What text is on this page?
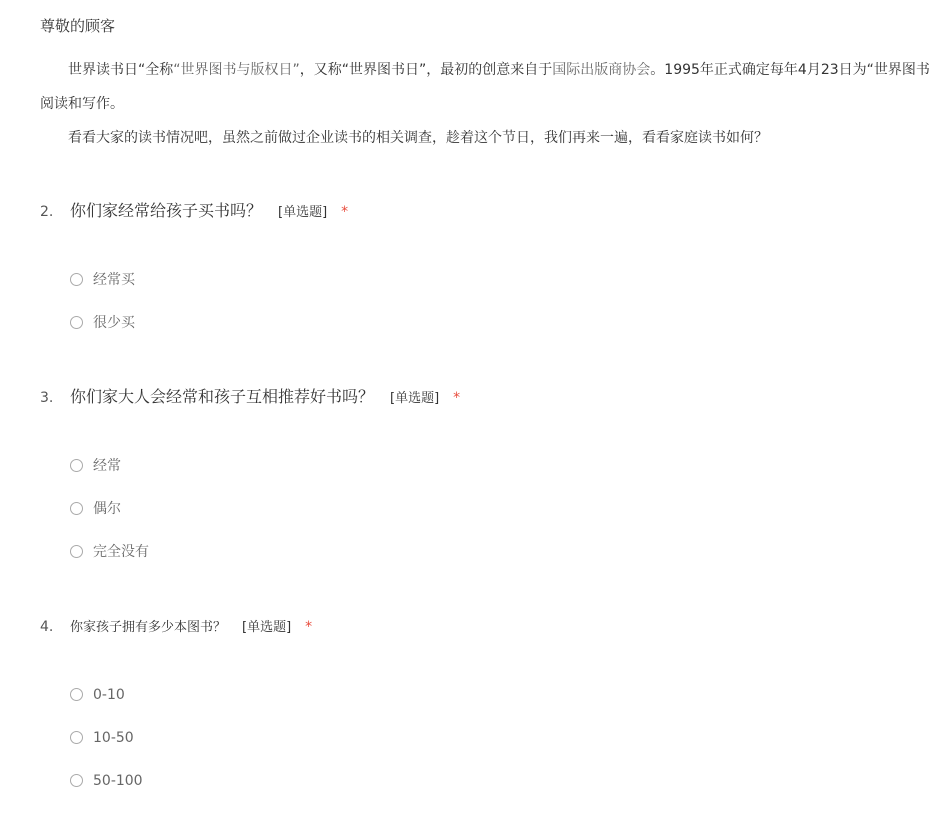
尊敬的顾客

世界读书日“全称“世界图书与版权日”，又称“世界图书日”，最初的创意来自于国际出版商协会。1995年正式确定每年4月23日为“世界图书
阅读和写作。

看看大家的读书情况吧，虽然之前做过企业读书的相关调查，趁着这个节日，我们再来一遍，看看家庭读书如何？

2. 你们家经常给孩子买书吗？ [单选题] *
经常买
很少买
3. 你们家大人会经常和孩子互相推荐好书吗？ [单选题] *
经常
偶尔
完全没有
4. 你家孩子拥有多少本图书？ [单选题] *
0-10
10-50
50-100
